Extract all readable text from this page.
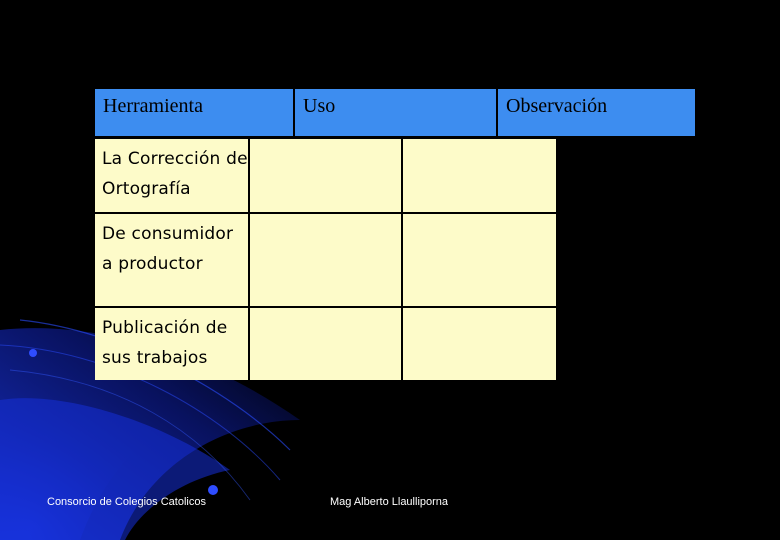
Herramienta	Uso	Observación
La Corrección de Ortografía
De consumidor a productor
Publicación de sus trabajos
Consorcio de Colegios Catolicos	Mag Alberto Llaulliporna
